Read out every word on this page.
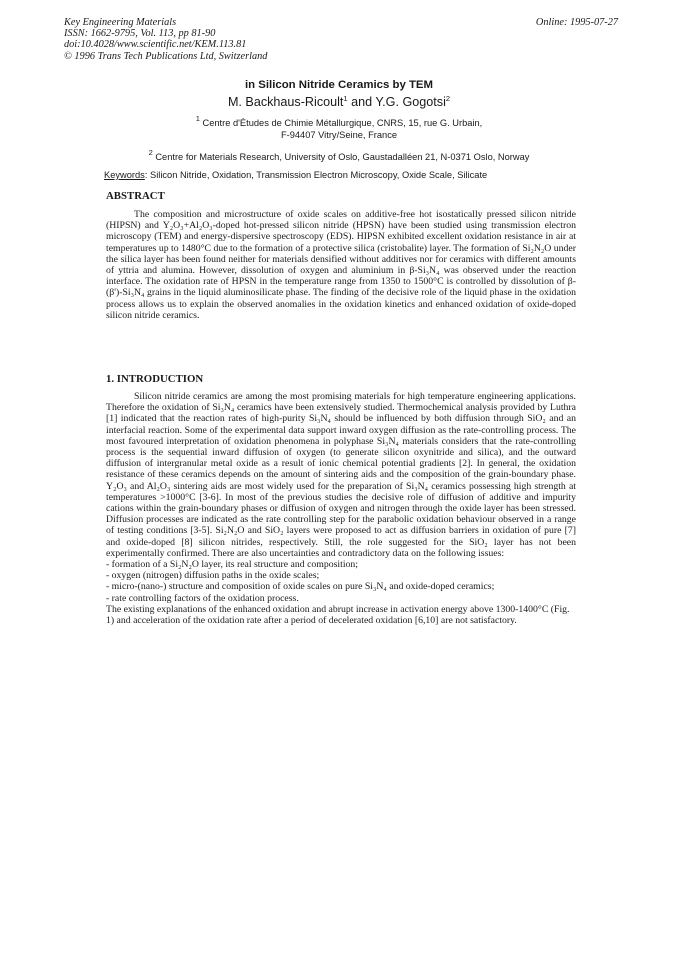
Key Engineering Materials
ISSN: 1662-9795, Vol. 113, pp 81-90
doi:10.4028/www.scientific.net/KEM.113.81
© 1996 Trans Tech Publications Ltd, Switzerland
Online: 1995-07-27
in Silicon Nitride Ceramics by TEM
M. Backhaus-Ricoult$^1$ and Y.G. Gogotsi$^2$
$^1$ Centre d'Études de Chimie Métallurgique, CNRS, 15, rue G. Urbain,
F-94407 Vitry/Seine, France
$^2$ Centre for Materials Research, University of Oslo, Gaustadalléen 21, N-0371 Oslo, Norway
Keywords: Silicon Nitride, Oxidation, Transmission Electron Microscopy, Oxide Scale, Silicate
ABSTRACT

The composition and microstructure of oxide scales on additive-free hot isostatically pressed silicon nitride (HIPSN) and Y₂O₃+Al₂O₃-doped hot-pressed silicon nitride (HPSN) have been studied using transmission electron microscopy (TEM) and energy-dispersive spectroscopy (EDS). HIPSN exhibited excellent oxidation resistance in air at temperatures up to 1480°C due to the formation of a protective silica (cristobalite) layer. The formation of Si₂N₂O under the silica layer has been found neither for materials densified without additives nor for ceramics with different amounts of yttria and alumina. However, dissolution of oxygen and aluminium in β-Si₃N₄ was observed under the reaction interface. The oxidation rate of HPSN in the temperature range from 1350 to 1500°C is controlled by dissolution of β-(β')-Si₃N₄ grains in the liquid aluminosilicate phase. The finding of the decisive role of the liquid phase in the oxidation process allows us to explain the observed anomalies in the oxidation kinetics and enhanced oxidation of oxide-doped silicon nitride ceramics.

1. INTRODUCTION

Silicon nitride ceramics are among the most promising materials for high temperature engineering applications. Therefore the oxidation of Si₃N₄ ceramics have been extensively studied. Thermochemical analysis provided by Luthra [1] indicated that the reaction rates of high-purity Si₃N₄ should be influenced by both diffusion through SiO₂ and an interfacial reaction. Some of the experimental data support inward oxygen diffusion as the rate-controlling process. The most favoured interpretation of oxidation phenomena in polyphase Si₃N₄ materials considers that the rate-controlling process is the sequential inward diffusion of oxygen (to generate silicon oxynitride and silica), and the outward diffusion of intergranular metal oxide as a result of ionic chemical potential gradients [2]. In general, the oxidation resistance of these ceramics depends on the amount of sintering aids and the composition of the grain-boundary phase. Y₂O₃ and Al₂O₃ sintering aids are most widely used for the preparation of Si₃N₄ ceramics possessing high strength at temperatures >1000°C [3-6]. In most of the previous studies the decisive role of diffusion of additive and impurity cations within the grain-boundary phases or diffusion of oxygen and nitrogen through the oxide layer has been stressed. Diffusion processes are indicated as the rate controlling step for the parabolic oxidation behaviour observed in a range of testing conditions [3-5]. Si₂N₂O and SiO₂ layers were proposed to act as diffusion barriers in oxidation of pure [7] and oxide-doped [8] silicon nitrides, respectively. Still, the role suggested for the SiO₂ layer has not been experimentally confirmed. There are also uncertainties and contradictory data on the following issues:

- formation of a Si₂N₂O layer, its real structure and composition;

- oxygen (nitrogen) diffusion paths in the oxide scales;

- micro-(nano-) structure and composition of oxide scales on pure Si₃N₄ and oxide-doped ceramics;

- rate controlling factors of the oxidation process.

The existing explanations of the enhanced oxidation and abrupt increase in activation energy above 1300-1400°C (Fig. 1) and acceleration of the oxidation rate after a period of decelerated oxidation [6,10] are not satisfactory.
